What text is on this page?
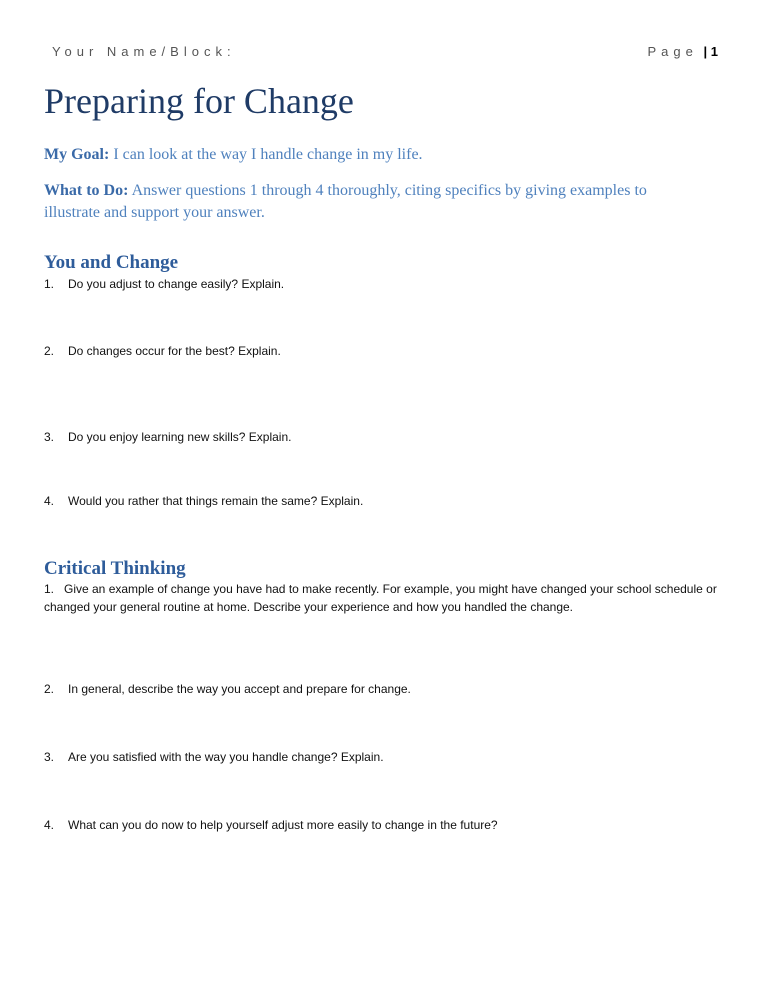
Your Name/Block:	Page | 1
Preparing for Change

My Goal: I can look at the way I handle change in my life.

What to Do: Answer questions 1 through 4 thoroughly, citing specifics by giving examples to illustrate and support your answer.

You and Change

1. Do you adjust to change easily? Explain.

2. Do changes occur for the best? Explain.

3. Do you enjoy learning new skills? Explain.

4. Would you rather that things remain the same? Explain.

Critical Thinking

1. Give an example of change you have had to make recently. For example, you might have changed your school schedule or changed your general routine at home. Describe your experience and how you handled the change.

2. In general, describe the way you accept and prepare for change.

3. Are you satisfied with the way you handle change? Explain.

4. What can you do now to help yourself adjust more easily to change in the future?
